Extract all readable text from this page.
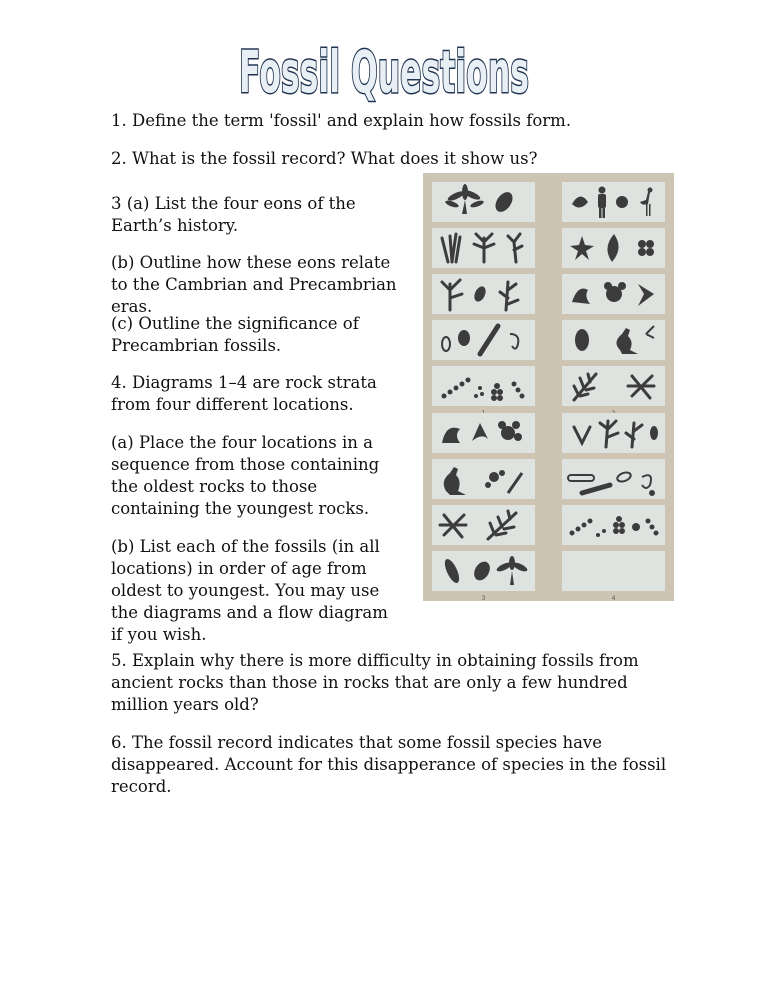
Fossil Questions

1. Define the term 'fossil' and explain how fossils form.

2. What is the fossil record? What does it show us?

3 (a) List the four eons of the Earth’s history.

(b) Outline how these eons relate to the Cambrian and Precambrian eras.

(c) Outline the significance of Precambrian fossils.

4. Diagrams 1–4 are rock strata from four different locations.

(a) Place the four locations in a sequence from those containing the oldest rocks to those containing the youngest rocks.

(b) List each of the fossils (in all locations) in order of age from oldest to youngest. You may use the diagrams and a flow diagram if you wish.

5. Explain why there is more difficulty in obtaining fossils from ancient rocks than those in rocks that are only a few hundred million years old?

6. The fossil record indicates that some fossil species have disappeared. Account for this disapperance of species in the fossil record.

3	4
